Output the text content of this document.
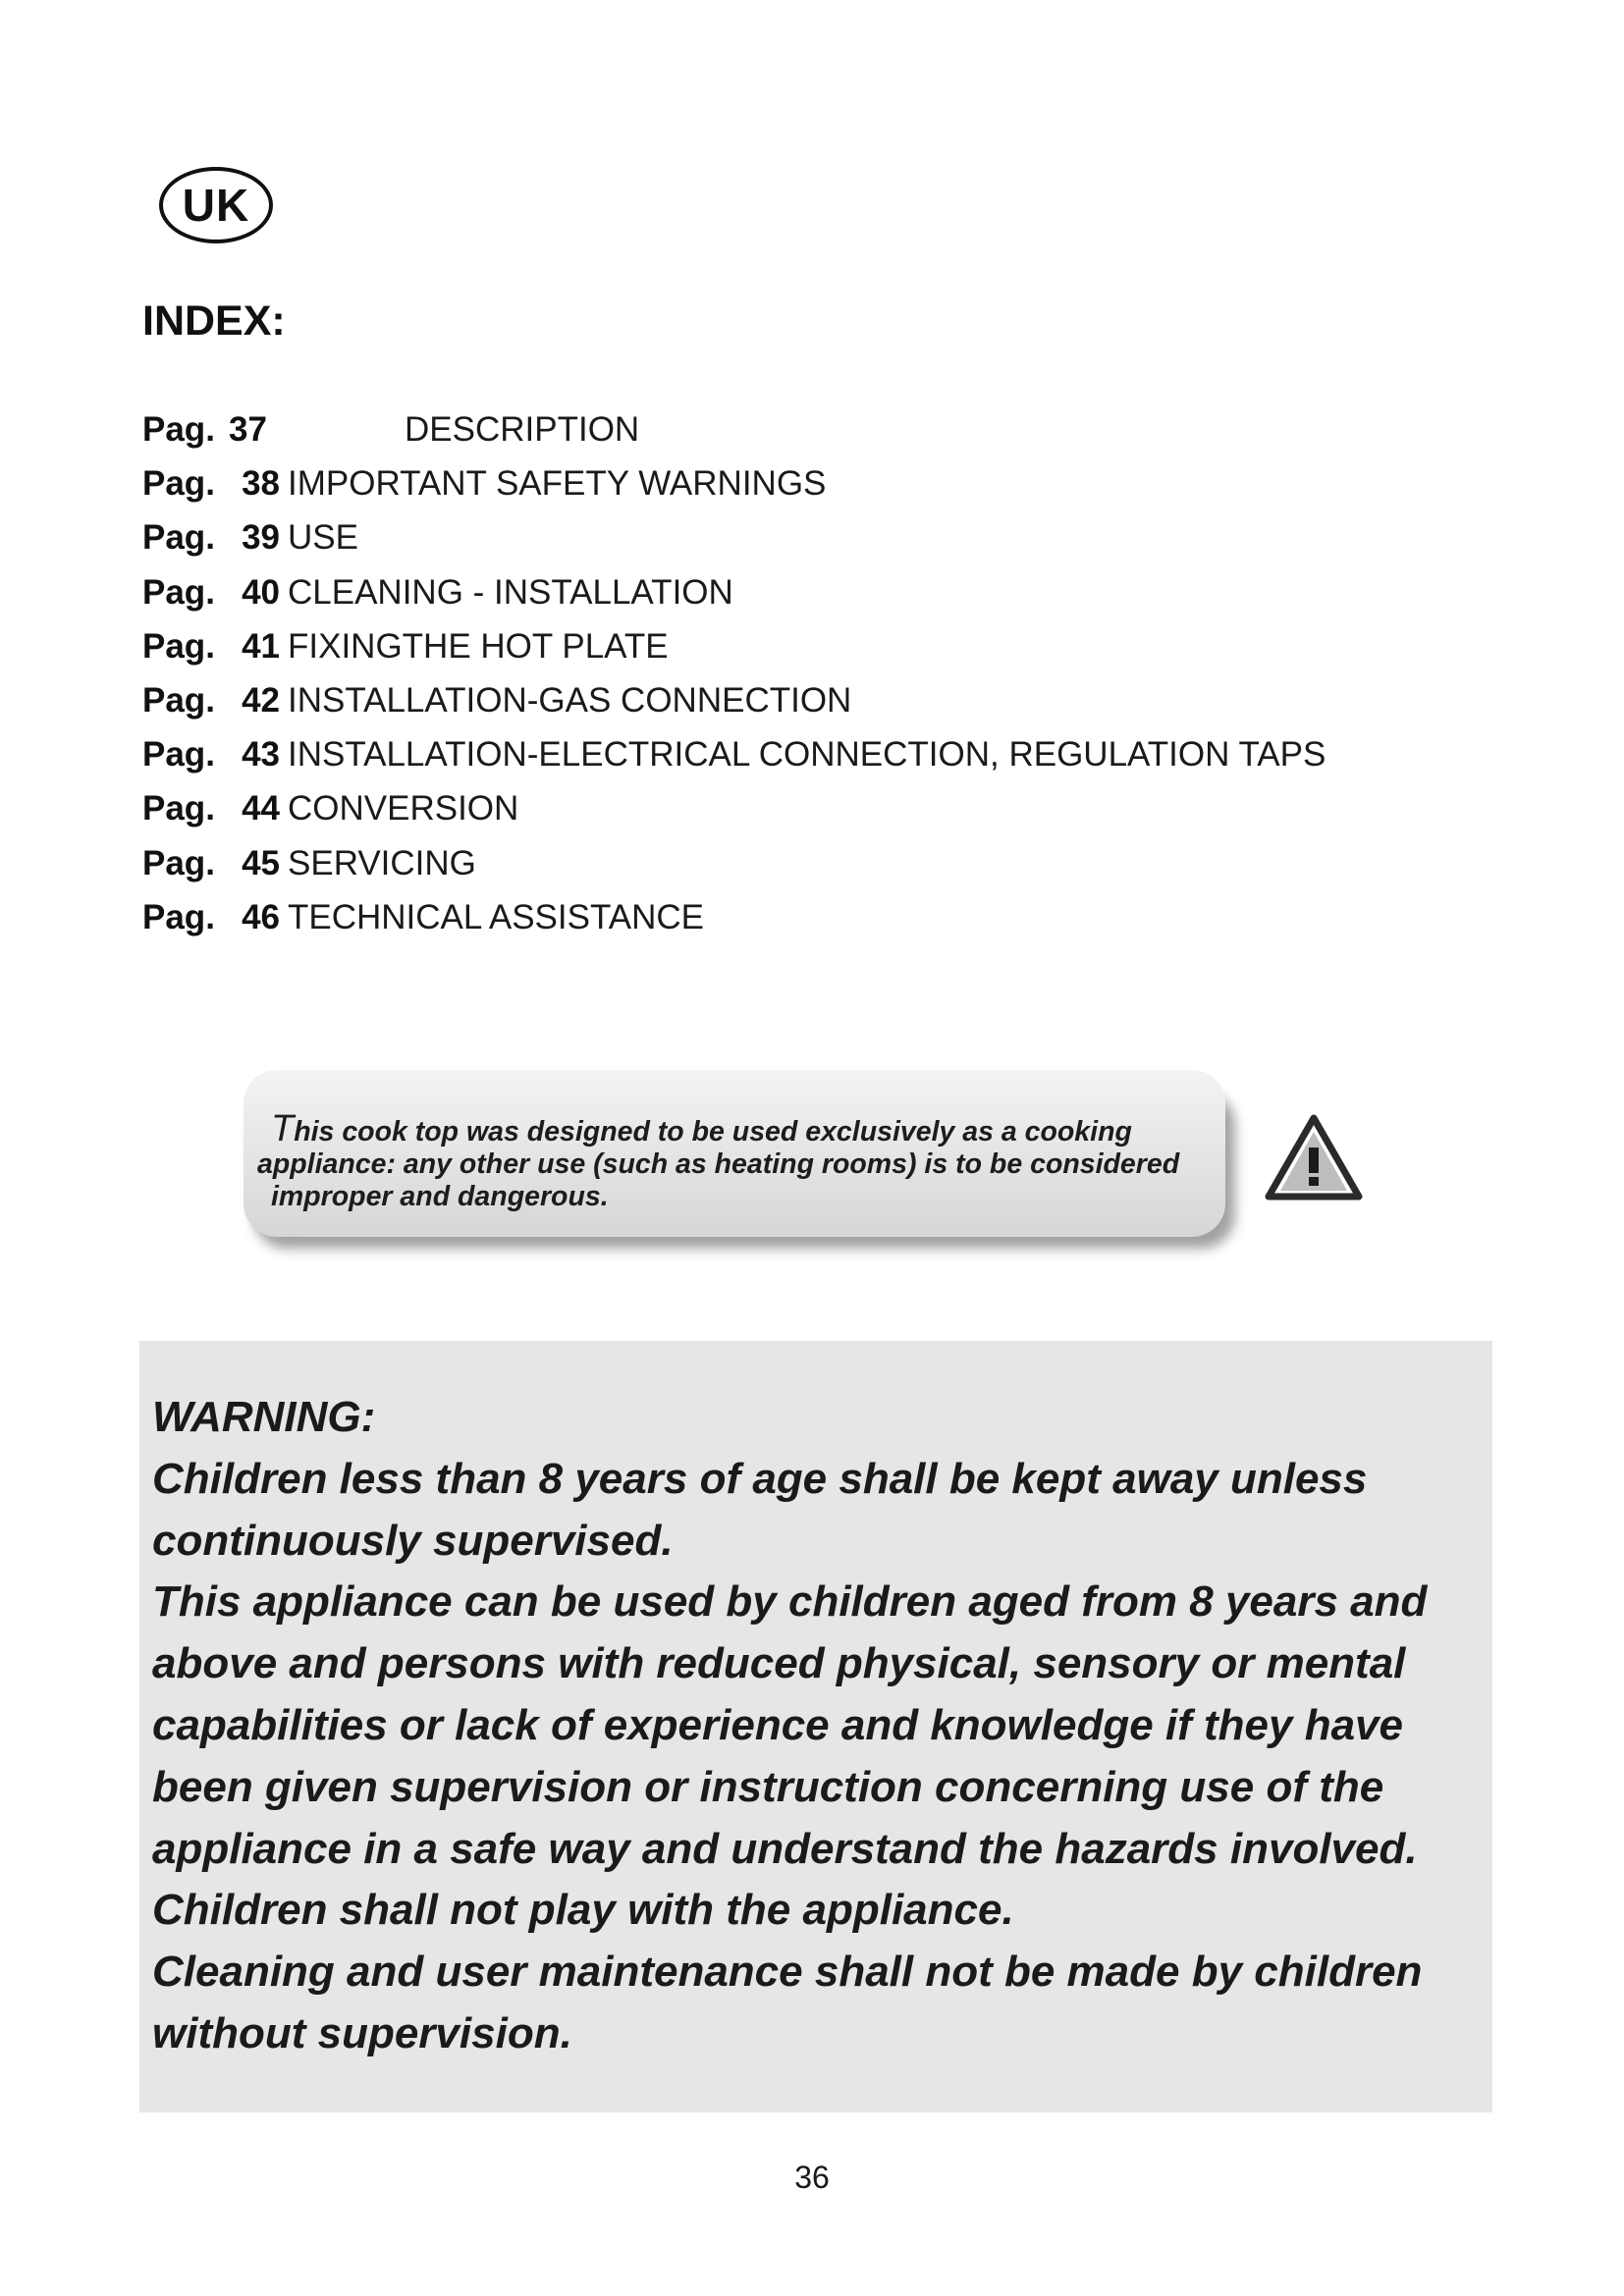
UK
INDEX:
Pag. 37	DESCRIPTION
Pag. 38 IMPORTANT SAFETY WARNINGS
Pag. 39 USE
Pag. 40 CLEANING - INSTALLATION
Pag. 41 FIXINGTHE HOT PLATE
Pag. 42 INSTALLATION-GAS CONNECTION
Pag. 43 INSTALLATION-ELECTRICAL CONNECTION, REGULATION TAPS
Pag. 44 CONVERSION
Pag. 45 SERVICING
Pag. 46 TECHNICAL ASSISTANCE
This cook top was designed to be used exclusively as a cooking
appliance: any other use (such as heating rooms) is to be considered
improper and dangerous.
WARNING:
Children less than 8 years of age shall be kept away unless
continuously supervised.
This appliance can be used by children aged from 8 years and
above and persons with reduced physical, sensory or mental
capabilities or lack of experience and knowledge if they have
been given supervision or instruction concerning use of the
appliance in a safe way and understand the hazards involved.
Children shall not play with the appliance.
Cleaning and user maintenance shall not be made by children
without supervision.
36
